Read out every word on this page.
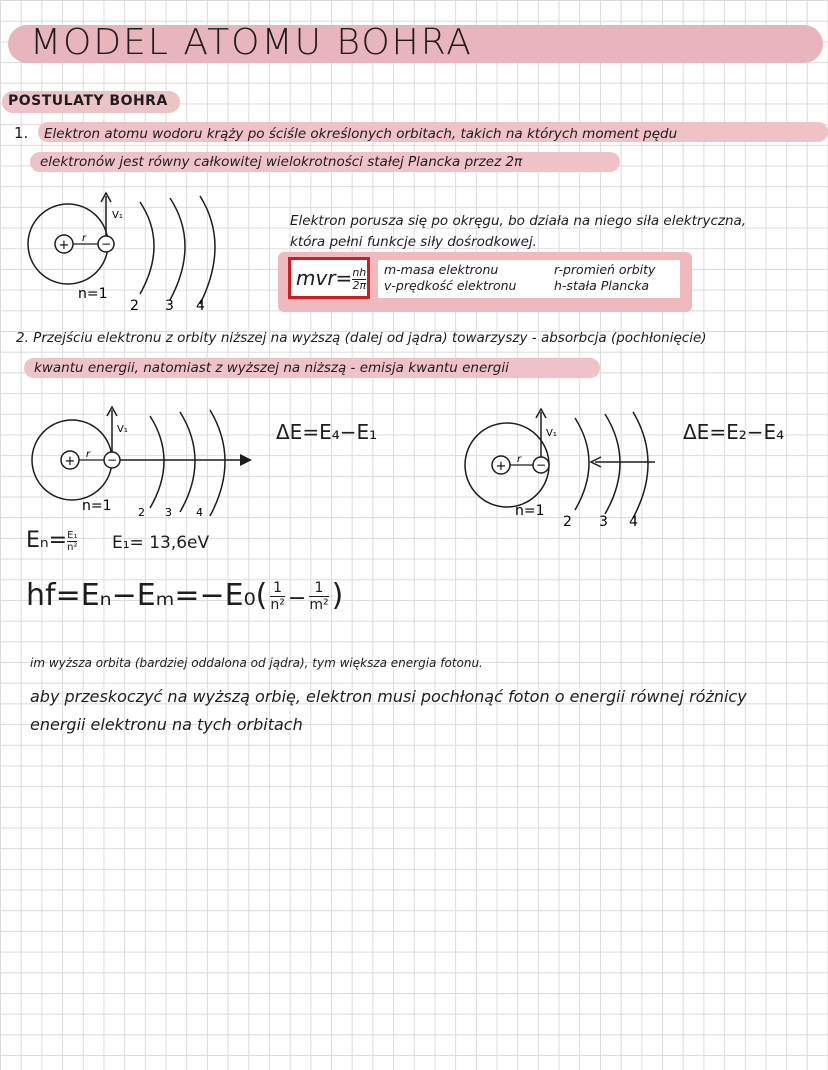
MODEL ATOMU BOHRA
POSTULATY BOHRA
1. Elektron atomu wodoru krąży po ściśle określonych orbitach, takich na których moment pędu
elektronów jest równy całkowitej wielokrotności stałej Plancka przez 2π
+ r −
V₁
n=1
2 3 4
Elektron porusza się po okręgu, bo działa na niego siła elektryczna,
która pełni funkcje siły dośrodkowej.
$mvr= \frac{nh}{2\pi}$ m-masa elektronu
v-prędkość elektronu
r-promień orbity
h-stała Plancka
2. Przejściu elektronu z orbity niższej na wyższą (dalej od jądra) towarzyszy - absorbcja (pochłonięcie)
kwantu energii, natomiast z wyższej na niższą - emisja kwantu energii
+ r −
V₁
n=1 2 3 4
ΔE=E₄−E₁
+ r −
V₁
n=1
2 3 4
ΔE=E₂−E₄
$E_n= \frac{\text{E₁}}{\text{n²}} E_1= 13,6eV$
$hf=E_n-E_m=-E_0( \frac{1}{\text{n²}} - \frac{1}{\text{m²}}$ )
im wyższa orbita (bardziej oddalona od jądra), tym większa energia fotonu.
aby przeskoczyć na wyższą orbię, elektron musi pochłonąć foton o energii równej różnicy
energii elektronu na tych orbitach
